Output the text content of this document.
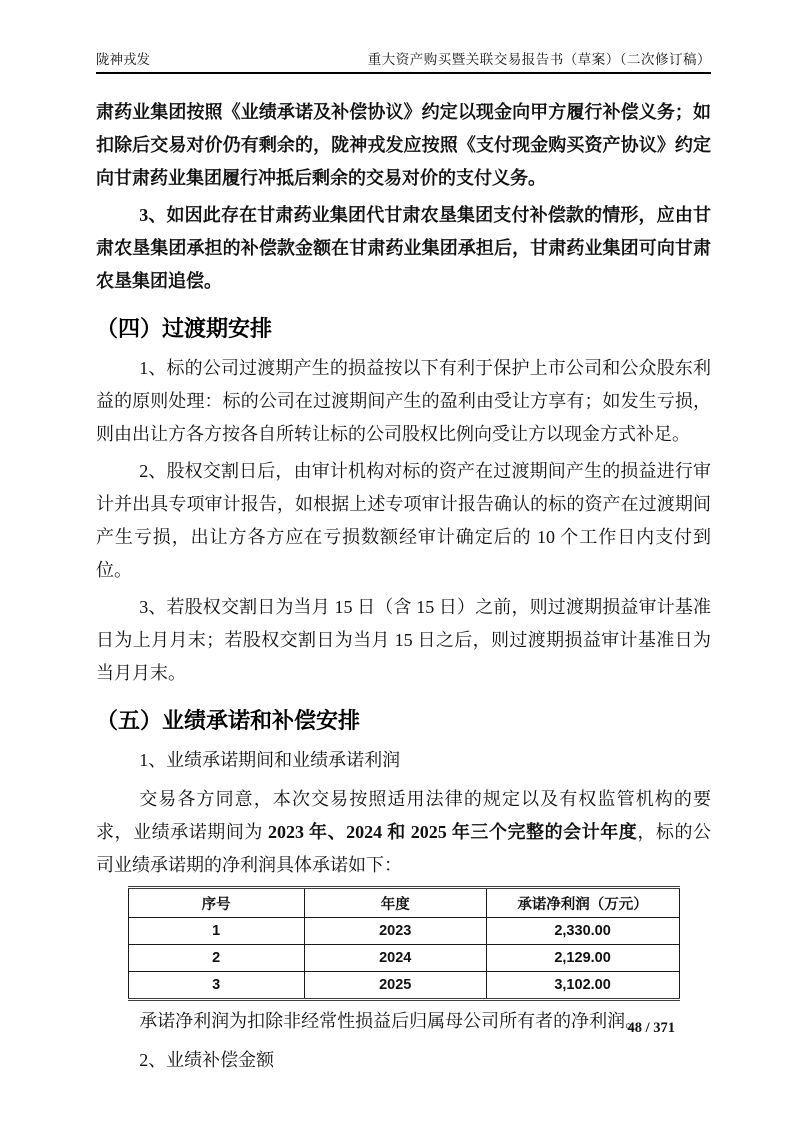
陇神戎发	重大资产购买暨关联交易报告书（草案）（二次修订稿）

肃药业集团按照《业绩承诺及补偿协议》约定以现金向甲方履行补偿义务；如扣除后交易对价仍有剩余的，陇神戎发应按照《支付现金购买资产协议》约定向甘肃药业集团履行冲抵后剩余的交易对价的支付义务。

3、如因此存在甘肃药业集团代甘肃农垦集团支付补偿款的情形，应由甘肃农垦集团承担的补偿款金额在甘肃药业集团承担后，甘肃药业集团可向甘肃农垦集团追偿。

（四）过渡期安排

1、标的公司过渡期产生的损益按以下有利于保护上市公司和公众股东利益的原则处理：标的公司在过渡期间产生的盈利由受让方享有；如发生亏损，则由出让方各方按各自所转让标的公司股权比例向受让方以现金方式补足。

2、股权交割日后，由审计机构对标的资产在过渡期间产生的损益进行审计并出具专项审计报告，如根据上述专项审计报告确认的标的资产在过渡期间产生亏损，出让方各方应在亏损数额经审计确定后的 10 个工作日内支付到位。

3、若股权交割日为当月 15 日（含 15 日）之前，则过渡期损益审计基准日为上月月末；若股权交割日为当月 15 日之后，则过渡期损益审计基准日为当月月末。

（五）业绩承诺和补偿安排
1、业绩承诺期间和业绩承诺利润

交易各方同意，本次交易按照适用法律的规定以及有权监管机构的要求，业绩承诺期间为 2023 年、2024 和 2025 年三个完整的会计年度，标的公司业绩承诺期的净利润具体承诺如下：

序号	年度	承诺净利润（万元）
1	2023	2,330.00
2	2024	2,129.00
3	2025	3,102.00

承诺净利润为扣除非经常性损益后归属母公司所有者的净利润。

2、业绩补偿金额
48 / 371
